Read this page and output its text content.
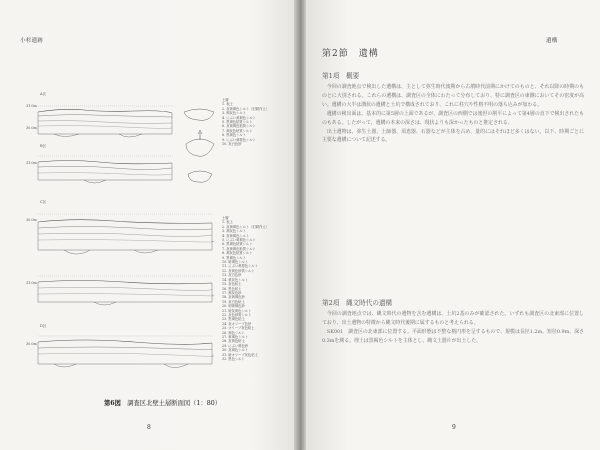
小杉遺跡
31.0m
30.0m
31.0m
30.0m
31.0m
30.0m
A区
B区
C区
D区
土層
1. 表土
2. 灰黄褐色シルト（旧耕作土）
3. 褐灰色シルト
4. にぶい黄褐色シルト
5. 黒褐色粘質シルト
6. 灰黄褐色粘質シルト
7. 褐灰色粘質シルト
8. 黒褐色シルト
9. にぶい黄橙色シルト
10. 灰白色砂
土層
1. 表土
2. 灰黄褐色シルト（旧耕作土）
3. 褐灰色シルト
4. 灰黄褐色シルト
5. にぶい黄褐色シルト
6. 黒褐色粘質シルト
7. 灰黄褐色粘質シルト
8. 褐灰色粘質シルト
9. 黒褐色シルト
10. 暗褐色シルト
11. にぶい黄橙色シルト
12. 灰黄色砂質シルト
13. 灰白色砂
14. 黄灰色シルト
15. 灰色粘土
16. 黒色粘土
17. 褐灰色砂
18. 灰黄褐色砂
19. 灰白色粘土
20. 明黄褐色砂
21. 暗灰黄色シルト
22. 灰色砂質シルト
23. 黒褐色粘土
24. 灰オリーブ色砂
25. オリーブ灰色粘土
26. 褐色シルト
27. 黄褐色シルト
28. 灰黄色粘土
29. にぶい褐色砂
30. 灰褐色シルト
31. 暗オリーブ灰色粘土
32. 黒色シルト
第6図 調査区北壁土層断面図（1：80）
8
遺構
第2節　遺構
第1項　概要

今回の調査地点で検出した遺構は、主として弥生時代後期から古墳時代前期にかけてのものと、それ以降の時期のものとに大別される。これらの遺構は、調査区の全体にわたって分布しており、特に調査区の東側においてその密度が高い。遺構の大半は溝状の遺構と土坑で構成されており、これに柱穴や性格不明の落ち込みが加わる。

遺構の検出面は、基本的に第5層の上面であるが、調査区の西側では後世の削平によって第4層の直下で検出されたものもある。したがって、遺構の本来の深さは、現状よりも深かったものと推定される。

出土遺物は、弥生土器、土師器、須恵器、石器などが主体を占め、量的にはそれほど多くはない。以下、時期ごとに主要な遺構について記述する。

第2項　縄文時代の遺構

今回の調査地点では、縄文時代の遺物を含む遺構は、土坑2基のみが確認された。いずれも調査区の北東部に位置しており、出土遺物の特徴から縄文時代後期に属するものと考えられる。

SK001　調査区の北東部に位置する。平面形態は不整な楕円形を呈するもので、規模は長径1.2m、短径0.9m、深さ0.3mを測る。埋土は黒褐色シルトを主体とし、縄文土器片が出土した。

9
